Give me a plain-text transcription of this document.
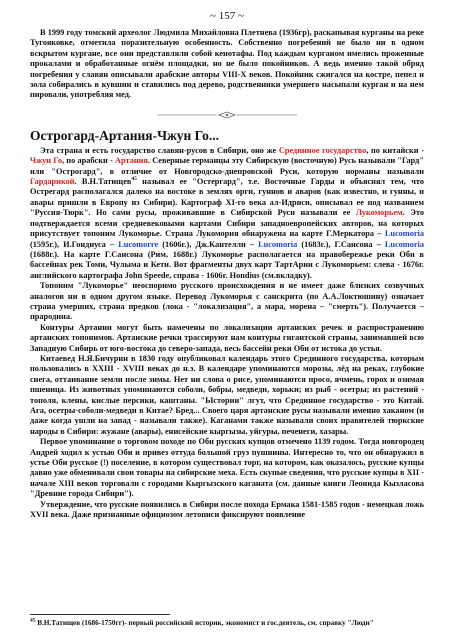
~ 157 ~

В 1999 году томский археолог Людмила Михайловна Плетнева (1936гр), раскапывая курганы на реке Тугояковке, отметила поразительную особенность. Собственно погребений не было ни в одном вскрытом кургане, все они представляли собой кенотафы. Под каждым курганом имелись проженные прокалами и обработанные огнём площадки, но не было покойников. А ведь именно такой обряд погребения у славян описывали арабские авторы VIII-X веков. Покойник сжигался на костре, пепел и зола собирались в кувшин и ставились под дерево, родственники умершего насыпали курган и на нем пировали, употребляя мед.

Острогард-Артания-Чжун Го...

Эта страна и есть государство славян-русов в Сибири, оно же Срединное государство, по китайски - Чжун Го, по арабски - Артания. Северные германцы эту Сибирскую (восточную) Русь называли "Гард" или "Острогард", в отличие от Новгородско-днепровской Руси, которую норманы называли Гардарикой. В.Н.Татищев$^{45}$ называл ее "Остергард", т.е. Восточные Гарды и объяснял тем, что Острегард располагался далеко на востоке в землях орги, гуннов и аваров (как известно, и гунны, и авары пришли в Европу из Сибири). Картограф XI-го века ал-Идриси, описывал ее под названием "Руссия-Тюрк". Но сами русы, проживавшие в Сибирской Руси называли ее Лукоморьем. Это подтверждается всеми средневековыми картами Сибири западноевропейских авторов, на которых присутствует топоним Лукоморье. Страна Лукомория обнаружена на карте Г.Меркатора – Lucomoria (1595г.), И.Гондиуса – Lucomorre (1606г.), Дж.Кантелли – Lucomoria (1683г.), Г.Сансона – Lucomoria (1688г.). На карте Г.Сансона (Рим, 1688г.) Лукоморье располагается на правобережье реки Оби в бассейнах рек Томи, Чулыма и Кети. Вот фрагменты двух карт ТартАрии с Лукоморьем: слева - 1676г. английского картографа John Speede, справа - 1606г. Hondius (см.вкладку).

Топоним "Лукоморье" неоспоримо русского происхождения и не имеет даже близких созвучных аналогов ни в одном другом языке. Перевод Лукоморья с санскрита (по А.А.Локтюшину) означает страна умерших, страна предков (лока - "локализация", а мара, морена – "смерть"). Получается – прародина.

Контуры Артании могут быть намечены по локализации артанских речек и распространению артанских топонимов. Артанские речки трассируют нам контуры гигантской страны, занимавшей всю Западную Сибирь от юго-востока до северо-запада, весь бассейн реки Оби от истока до устья.

Китаевед Н.Я.Бичурин в 1830 году опубликовал календарь этого Срединного государства, которым пользовались в XXIII - XVIII веках до н.э. В календаре упоминаются морозы, лёд на реках, глубокие снега, оттаивание земли после зимы. Нет ни слова о рисе, упоминаются просо, ячмень, горох и озимая пшеница. Из животных упоминаются соболи, бобры, медведи, хорьки; из рыб - осетры; из растений - тополя, клены, кислые персики, каштаны. "Ыстории" лгут, что Срединное государство - это Китай. Ага, осетры-соболи-медведи в Китае? Бред... Своего царя артанские русы называли именно хаканом (и даже когда ушли на запад - называли также). Каганами также называли своих правителей тюркские народы в Сибири: жужане (авары), енисейские кыргызы, уйгуры, печенеги, хазары.

Первое упоминание о торговом походе по Оби русских купцов отмечено 1139 годом. Тогда новгородец Андрей ходил к устью Оби и привез оттуда большой груз пушнины. Интересно то, что он обнаружил в устье Оби русское (!) поселение, в котором существовал торг, на котором, как оказалось, русские купцы давно уже обменивали свои товары на сибирские меха. Есть скупые сведения, что русские купцы в XII - начале XIII веков торговали с городами Кыргызского каганата (см. данные книги Леонида Кызласова "Древние города Сибири").

Утверждение, что русские появились в Сибири после похода Ермака 1581-1585 годов - немецкая ложь XVII века. Даже признанные официозом летописи фиксируют появление

$^{45}$ В.Н.Татищев (1686-1750гг)- первый российский историк, экономист и гос.деятель, см. справку "Люди"
